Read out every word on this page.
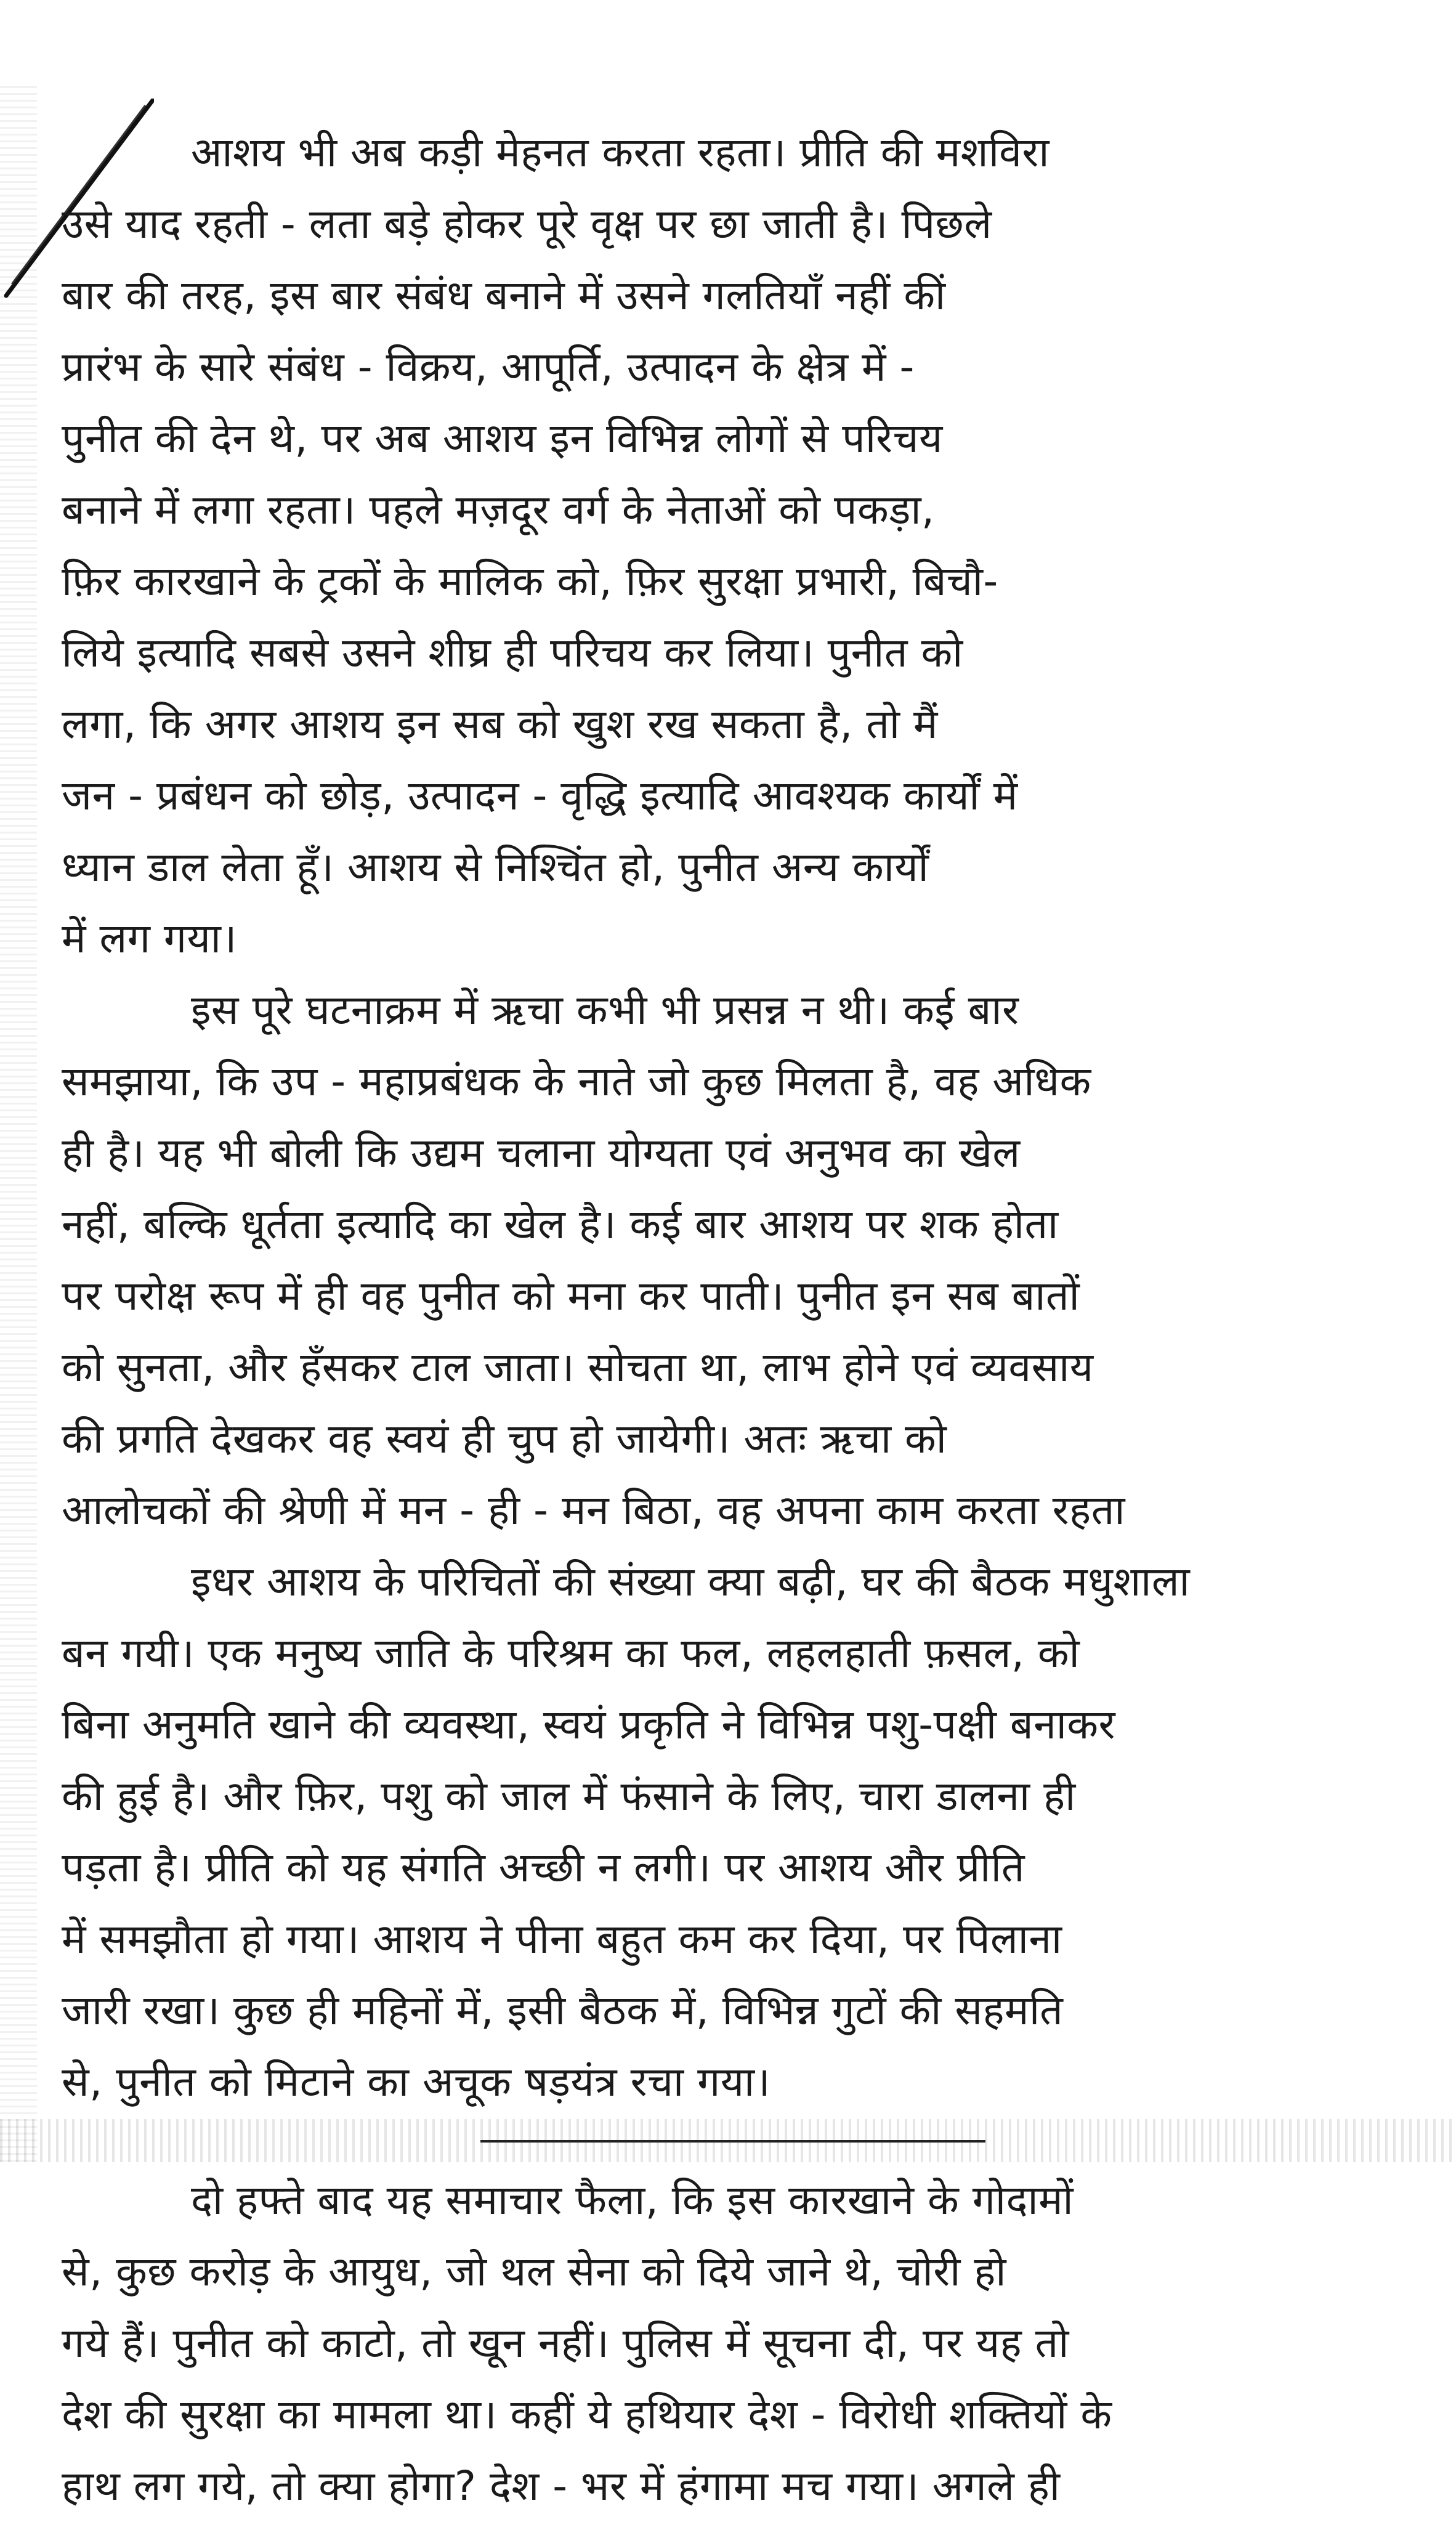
आशय भी अब कड़ी मेहनत करता रहता। प्रीति की मशविरा
उसे याद रहती - लता बड़े होकर पूरे वृक्ष पर छा जाती है। पिछले
बार की तरह, इस बार संबंध बनाने में उसने गलतियाँ नहीं कीं
प्रारंभ के सारे संबंध - विक्रय, आपूर्ति, उत्पादन के क्षेत्र में -
पुनीत की देन थे, पर अब आशय इन विभिन्न लोगों से परिचय
बनाने में लगा रहता। पहले मज़दूर वर्ग के नेताओं को पकड़ा,
फ़िर कारखाने के ट्रकों के मालिक को, फ़िर सुरक्षा प्रभारी, बिचौ-
लिये इत्यादि सबसे उसने शीघ्र ही परिचय कर लिया। पुनीत को
लगा, कि अगर आशय इन सब को खुश रख सकता है, तो मैं
जन - प्रबंधन को छोड़, उत्पादन - वृद्धि इत्यादि आवश्यक कार्यों में
ध्यान डाल लेता हूँ। आशय से निश्चिंत हो, पुनीत अन्य कार्यों
में लग गया।
इस पूरे घटनाक्रम में ऋचा कभी भी प्रसन्न न थी। कई बार
समझाया, कि उप - महाप्रबंधक के नाते जो कुछ मिलता है, वह अधिक
ही है। यह भी बोली कि उद्यम चलाना योग्यता एवं अनुभव का खेल
नहीं, बल्कि धूर्तता इत्यादि का खेल है। कई बार आशय पर शक होता
पर परोक्ष रूप में ही वह पुनीत को मना कर पाती। पुनीत इन सब बातों
को सुनता, और हँसकर टाल जाता। सोचता था, लाभ होने एवं व्यवसाय
की प्रगति देखकर वह स्वयं ही चुप हो जायेगी। अतः ऋचा को
आलोचकों की श्रेणी में मन - ही - मन बिठा, वह अपना काम करता रहता
इधर आशय के परिचितों की संख्या क्या बढ़ी, घर की बैठक मधुशाला
बन गयी। एक मनुष्य जाति के परिश्रम का फल, लहलहाती फ़सल, को
बिना अनुमति खाने की व्यवस्था, स्वयं प्रकृति ने विभिन्न पशु-पक्षी बनाकर
की हुई है। और फ़िर, पशु को जाल में फंसाने के लिए, चारा डालना ही
पड़ता है। प्रीति को यह संगति अच्छी न लगी। पर आशय और प्रीति
में समझौता हो गया। आशय ने पीना बहुत कम कर दिया, पर पिलाना
जारी रखा। कुछ ही महिनों में, इसी बैठक में, विभिन्न गुटों की सहमति
से, पुनीत को मिटाने का अचूक षड़यंत्र रचा गया।
दो हफ्ते बाद यह समाचार फैला, कि इस कारखाने के गोदामों
से, कुछ करोड़ के आयुध, जो थल सेना को दिये जाने थे, चोरी हो
गये हैं। पुनीत को काटो, तो खून नहीं। पुलिस में सूचना दी, पर यह तो
देश की सुरक्षा का मामला था। कहीं ये हथियार देश - विरोधी शक्तियों के
हाथ लग गये, तो क्या होगा? देश - भर में हंगामा मच गया। अगले ही
